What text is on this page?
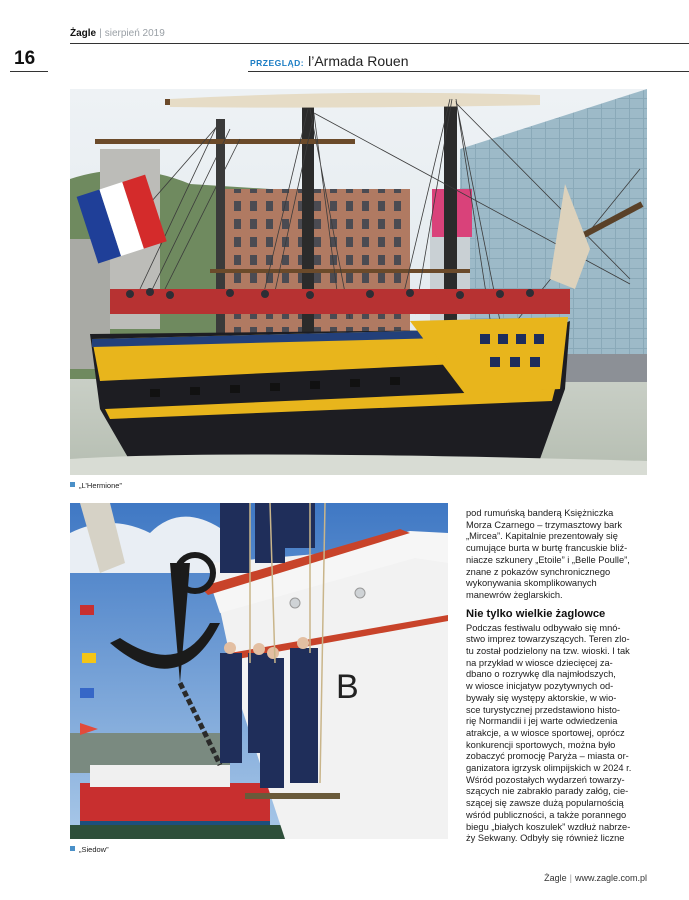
Żagle | sierpień 2019
16	PRZEGLĄD: l’Armada Rouen
„L’Hermione”
B
„Siedow”

pod rumuńską banderą Księżniczka
Morza Czarnego – trzymasztowy bark
„Mircea”. Kapitalnie prezentowały się
cumujące burta w burtę francuskie bliź-
niacze szkunery „Etoile” i „Belle Poulle”,
znane z pokazów synchronicznego
wykonywania skomplikowanych
manewrów żeglarskich.

Nie tylko wielkie żaglowce

Podczas festiwalu odbywało się mnó-
stwo imprez towarzyszących. Teren zlo-
tu został podzielony na tzw. wioski. I tak
na przykład w wiosce dziecięcej za-
dbano o rozrywkę dla najmłodszych,
w wiosce inicjatyw pozytywnych od-
bywały się występy aktorskie, w wio-
sce turystycznej przedstawiono histo-
rię Normandii i jej warte odwiedzenia
atrakcje, a w wiosce sportowej, oprócz
konkurencji sportowych, można było
zobaczyć promocję Paryża – miasta or-
ganizatora igrzysk olimpijskich w 2024 r.
Wśród pozostałych wydarzeń towarzy-
szących nie zabrakło parady załóg, cie-
szącej się zawsze dużą popularnością
wśród publiczności, a także porannego
biegu „białych koszulek” wzdłuż nabrze-
ży Sekwany. Odbyły się również liczne

Żagle | www.zagle.com.pl
